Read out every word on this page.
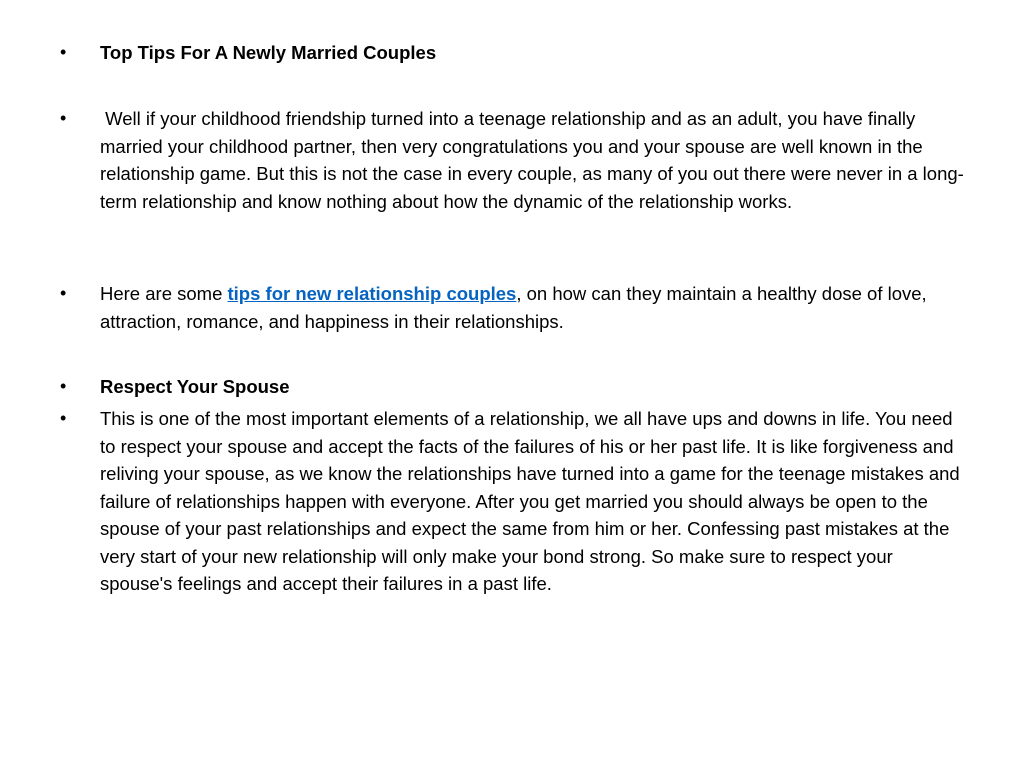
•	Top Tips For A Newly Married Couples
•	Well if your childhood friendship turned into a teenage relationship and as an adult, you have finally married your childhood partner, then very congratulations you and your spouse are well known in the relationship game. But this is not the case in every couple, as many of you out there were never in a long-term relationship and know nothing about how the dynamic of the relationship works.
•	Here are some tips for new relationship couples, on how can they maintain a healthy dose of love, attraction, romance, and happiness in their relationships.
•	Respect Your Spouse
•	This is one of the most important elements of a relationship, we all have ups and downs in life. You need to respect your spouse and accept the facts of the failures of his or her past life. It is like forgiveness and reliving your spouse, as we know the relationships have turned into a game for the teenage mistakes and failure of relationships happen with everyone. After you get married you should always be open to the spouse of your past relationships and expect the same from him or her. Confessing past mistakes at the very start of your new relationship will only make your bond strong. So make sure to respect your spouse's feelings and accept their failures in a past life.
